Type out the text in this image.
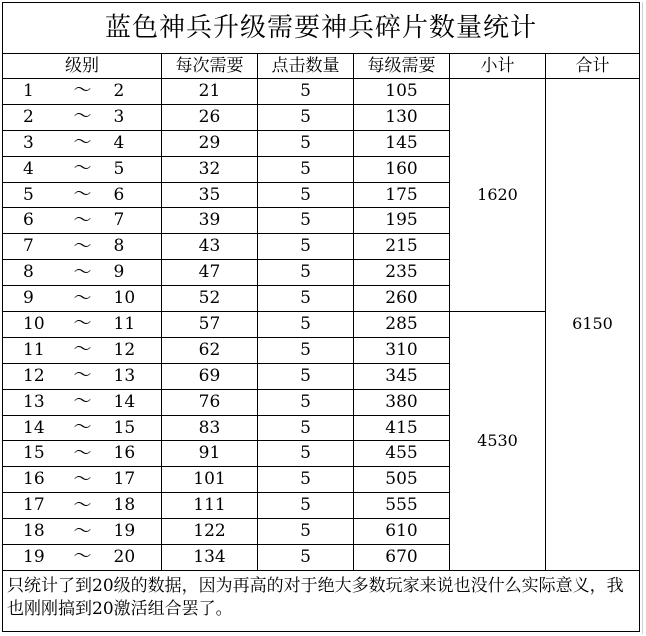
蓝色神兵升级需要神兵碎片数量统计							
级别			每次需要	点击数量	每级需要	小计	合计
1	～	2	21	5	105	1620	6150
2	～	3	26	5	130		
3	～	4	29	5	145		
4	～	5	32	5	160		
5	～	6	35	5	175		
6	～	7	39	5	195		
7	～	8	43	5	215		
8	～	9	47	5	235		
9	～	10	52	5	260		
10	～	11	57	5	285	4530	
11	～	12	62	5	310		
12	～	13	69	5	345		
13	～	14	76	5	380		
14	～	15	83	5	415		
15	～	16	91	5	455		
16	～	17	101	5	505		
17	～	18	111	5	555		
18	～	19	122	5	610		
19	～	20	134	5	670		
只统计了到20级的数据，因为再高的对于绝大多数玩家来说也没什么实际意义，我也刚刚搞到20激活组合罢了。							
